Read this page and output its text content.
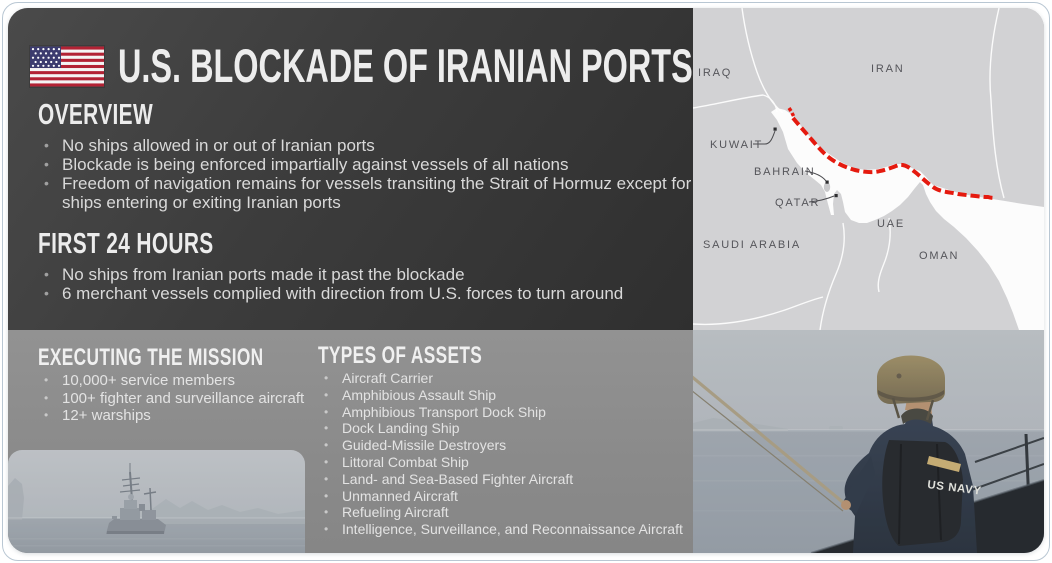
U.S. BLOCKADE OF IRANIAN PORTS
OVERVIEW
• No ships allowed in or out of Iranian ports
• Blockade is being enforced impartially against vessels of all nations
• Freedom of navigation remains for vessels transiting the Strait of Hormuz except for ships entering or exiting Iranian ports
FIRST 24 HOURS
• No ships from Iranian ports made it past the blockade
• 6 merchant vessels complied with direction from U.S. forces to turn around
IRAQ	IRAN
KUWAIT
BAHRAIN
QATAR
SAUDI ARABIA
UAE
OMAN
EXECUTING THE MISSION
• 10,000+ service members
• 100+ fighter and surveillance aircraft
• 12+ warships
TYPES OF ASSETS
• Aircraft Carrier
• Amphibious Assault Ship
• Amphibious Transport Dock Ship
• Dock Landing Ship
• Guided-Missile Destroyers
• Littoral Combat Ship
• Land- and Sea-Based Fighter Aircraft
• Unmanned Aircraft
• Refueling Aircraft
• Intelligence, Surveillance, and Reconnaissance Aircraft
US NAVY
